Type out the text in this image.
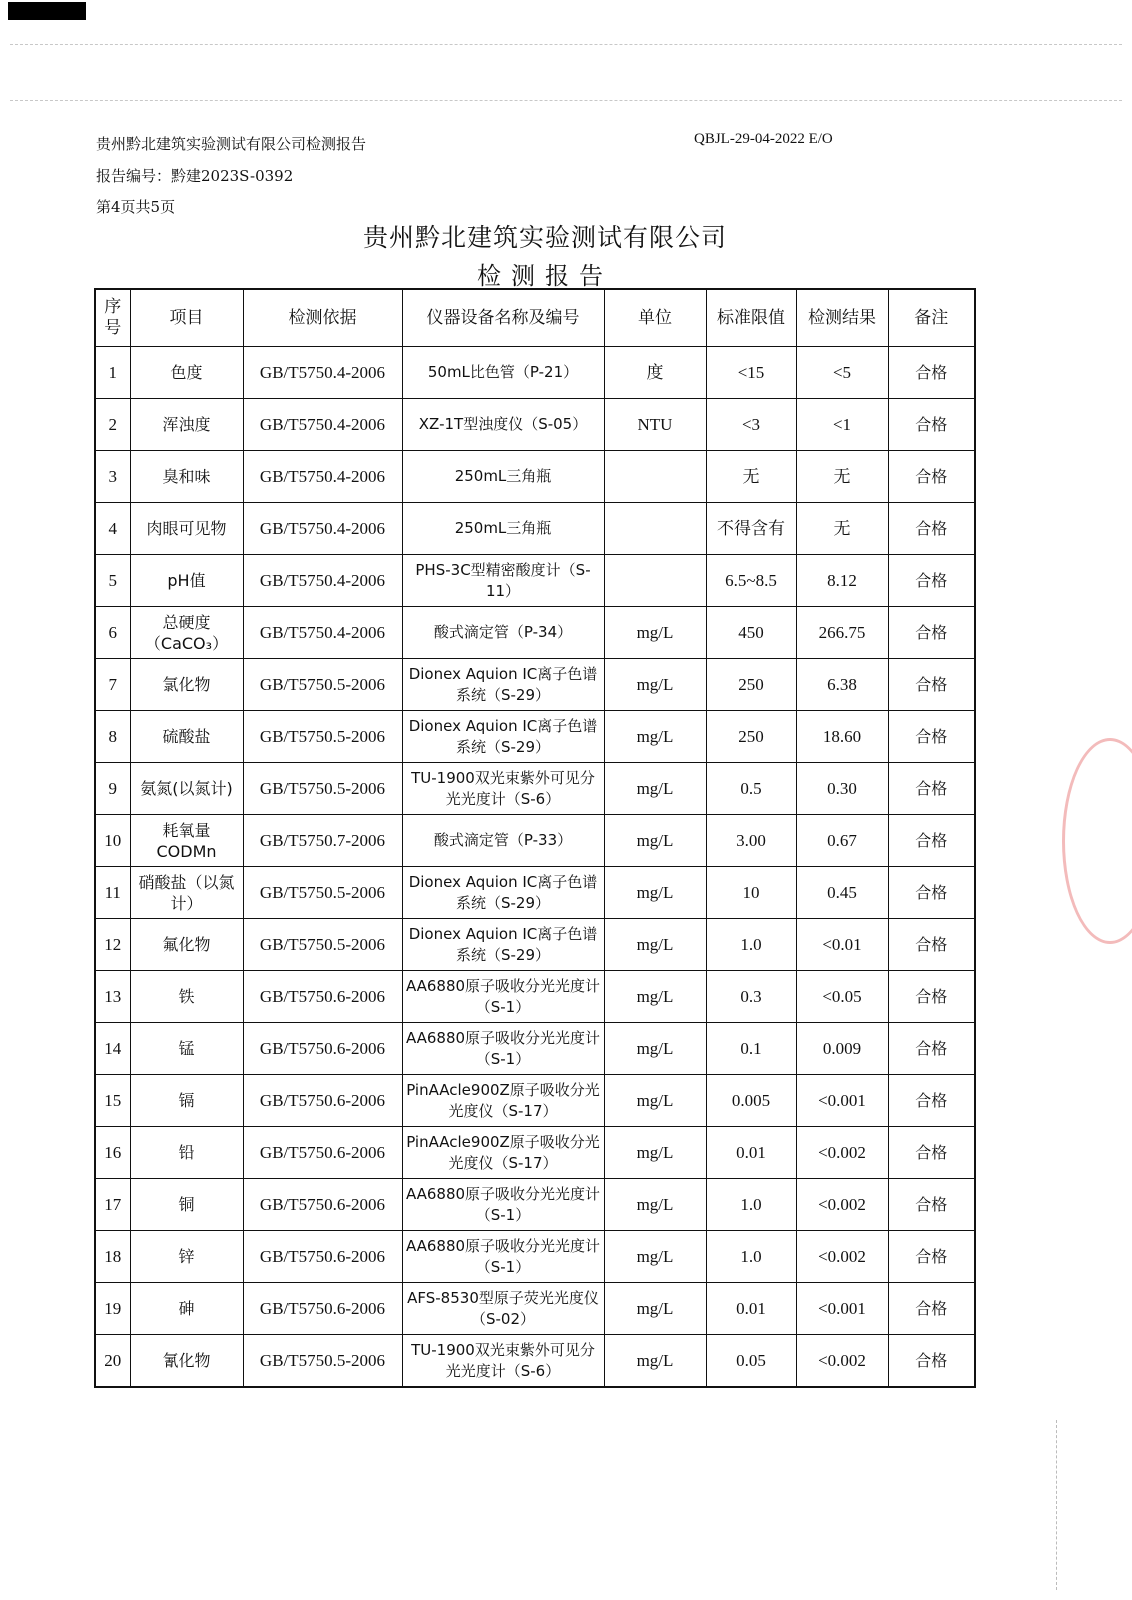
贵州黔北建筑实验测试有限公司检测报告
报告编号：黔建2023S-0392
第4页共5页
QBJL-29-04-2022 E/O
贵州黔北建筑实验测试有限公司
检测报告
序号	项目	检测依据	仪器设备名称及编号	单位	标准限值	检测结果	备注
1	色度	GB/T5750.4-2006	50mL比色管（P-21）	度	<15	<5	合格
2	浑浊度	GB/T5750.4-2006	XZ-1T型浊度仪（S-05）	NTU	<3	<1	合格
3	臭和味	GB/T5750.4-2006	250mL三角瓶		无	无	合格
4	肉眼可见物	GB/T5750.4-2006	250mL三角瓶		不得含有	无	合格
5	pH值	GB/T5750.4-2006	PHS-3C型精密酸度计（S-11）		6.5~8.5	8.12	合格
6	总硬度（CaCO₃）	GB/T5750.4-2006	酸式滴定管（P-34）	mg/L	450	266.75	合格
7	氯化物	GB/T5750.5-2006	Dionex Aquion IC离子色谱系统（S-29）	mg/L	250	6.38	合格
8	硫酸盐	GB/T5750.5-2006	Dionex Aquion IC离子色谱系统（S-29）	mg/L	250	18.60	合格
9	氨氮(以氮计)	GB/T5750.5-2006	TU-1900双光束紫外可见分光光度计（S-6）	mg/L	0.5	0.30	合格
10	耗氧量CODMn	GB/T5750.7-2006	酸式滴定管（P-33）	mg/L	3.00	0.67	合格
11	硝酸盐（以氮计）	GB/T5750.5-2006	Dionex Aquion IC离子色谱系统（S-29）	mg/L	10	0.45	合格
12	氟化物	GB/T5750.5-2006	Dionex Aquion IC离子色谱系统（S-29）	mg/L	1.0	<0.01	合格
13	铁	GB/T5750.6-2006	AA6880原子吸收分光光度计（S-1）	mg/L	0.3	<0.05	合格
14	锰	GB/T5750.6-2006	AA6880原子吸收分光光度计（S-1）	mg/L	0.1	0.009	合格
15	镉	GB/T5750.6-2006	PinAAcle900Z原子吸收分光光度仪（S-17）	mg/L	0.005	<0.001	合格
16	铅	GB/T5750.6-2006	PinAAcle900Z原子吸收分光光度仪（S-17）	mg/L	0.01	<0.002	合格
17	铜	GB/T5750.6-2006	AA6880原子吸收分光光度计（S-1）	mg/L	1.0	<0.002	合格
18	锌	GB/T5750.6-2006	AA6880原子吸收分光光度计（S-1）	mg/L	1.0	<0.002	合格
19	砷	GB/T5750.6-2006	AFS-8530型原子荧光光度仪（S-02）	mg/L	0.01	<0.001	合格
20	氰化物	GB/T5750.5-2006	TU-1900双光束紫外可见分光光度计（S-6）	mg/L	0.05	<0.002	合格
